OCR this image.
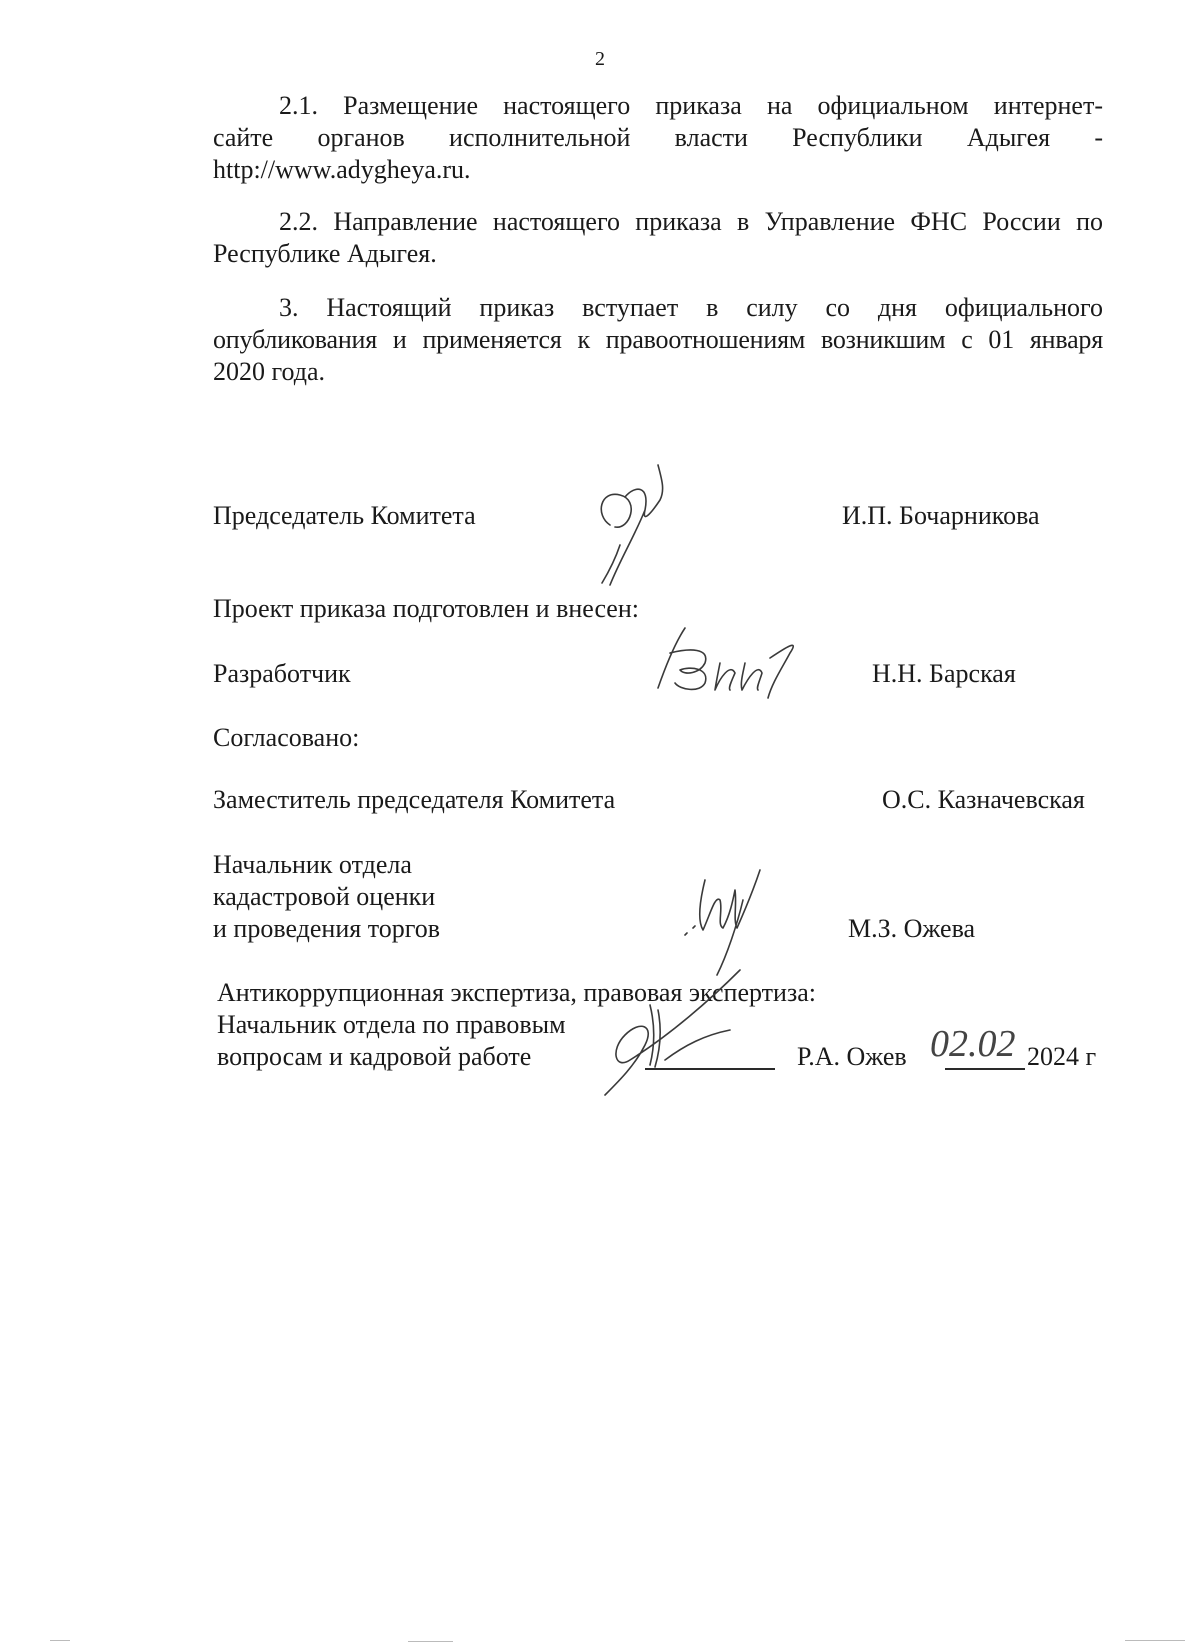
2
2.1. Размещение настоящего приказа на официальном интернет-
сайте органов исполнительной власти Республики Адыгея -
http://www.adygheya.ru.
2.2. Направление настоящего приказа в Управление ФНС России по
Республике Адыгея.
3. Настоящий приказ вступает в силу со дня официального
опубликования и применяется к правоотношениям возникшим с 01 января
2020 года.
Председатель Комитета	И.П. Бочарникова
Проект приказа подготовлен и внесен:
Разработчик	Н.Н. Барская
Согласовано:
Заместитель председателя Комитета	О.С. Казначевская
Начальник отдела
кадастровой оценки
и проведения торгов	М.З. Ожева
Антикоррупционная экспертиза, правовая экспертиза:
Начальник отдела по правовым
вопросам и кадровой работе	Р.А. Ожев 02.02 2024 г
